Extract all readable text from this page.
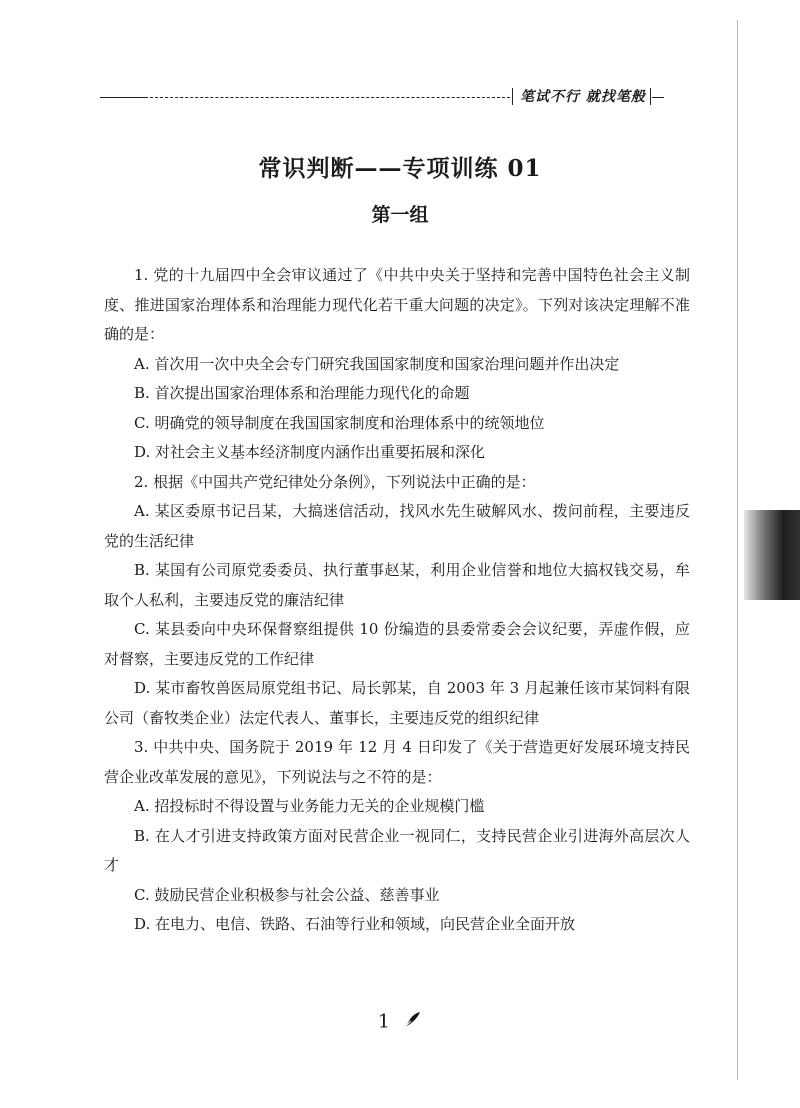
笔试不行 就找笔般
常识判断——专项训练 01
第一组

1. 党的十九届四中全会审议通过了《中共中央关于坚持和完善中国特色社会主义制度、推进国家治理体系和治理能力现代化若干重大问题的决定》。下列对该决定理解不准确的是：

A. 首次用一次中央全会专门研究我国国家制度和国家治理问题并作出决定

B. 首次提出国家治理体系和治理能力现代化的命题

C. 明确党的领导制度在我国国家制度和治理体系中的统领地位

D. 对社会主义基本经济制度内涵作出重要拓展和深化

2. 根据《中国共产党纪律处分条例》，下列说法中正确的是：

A. 某区委原书记吕某，大搞迷信活动，找风水先生破解风水、拨问前程，主要违反党的生活纪律

B. 某国有公司原党委委员、执行董事赵某，利用企业信誉和地位大搞权钱交易，牟取个人私利，主要违反党的廉洁纪律

C. 某县委向中央环保督察组提供 10 份编造的县委常委会会议纪要，弄虚作假，应对督察，主要违反党的工作纪律

D. 某市畜牧兽医局原党组书记、局长郭某，自 2003 年 3 月起兼任该市某饲料有限公司（畜牧类企业）法定代表人、董事长，主要违反党的组织纪律

3. 中共中央、国务院于 2019 年 12 月 4 日印发了《关于营造更好发展环境支持民营企业改革发展的意见》，下列说法与之不符的是：

A. 招投标时不得设置与业务能力无关的企业规模门槛

B. 在人才引进支持政策方面对民营企业一视同仁，支持民营企业引进海外高层次人才

C. 鼓励民营企业积极参与社会公益、慈善事业

D. 在电力、电信、铁路、石油等行业和领域，向民营企业全面开放

1
